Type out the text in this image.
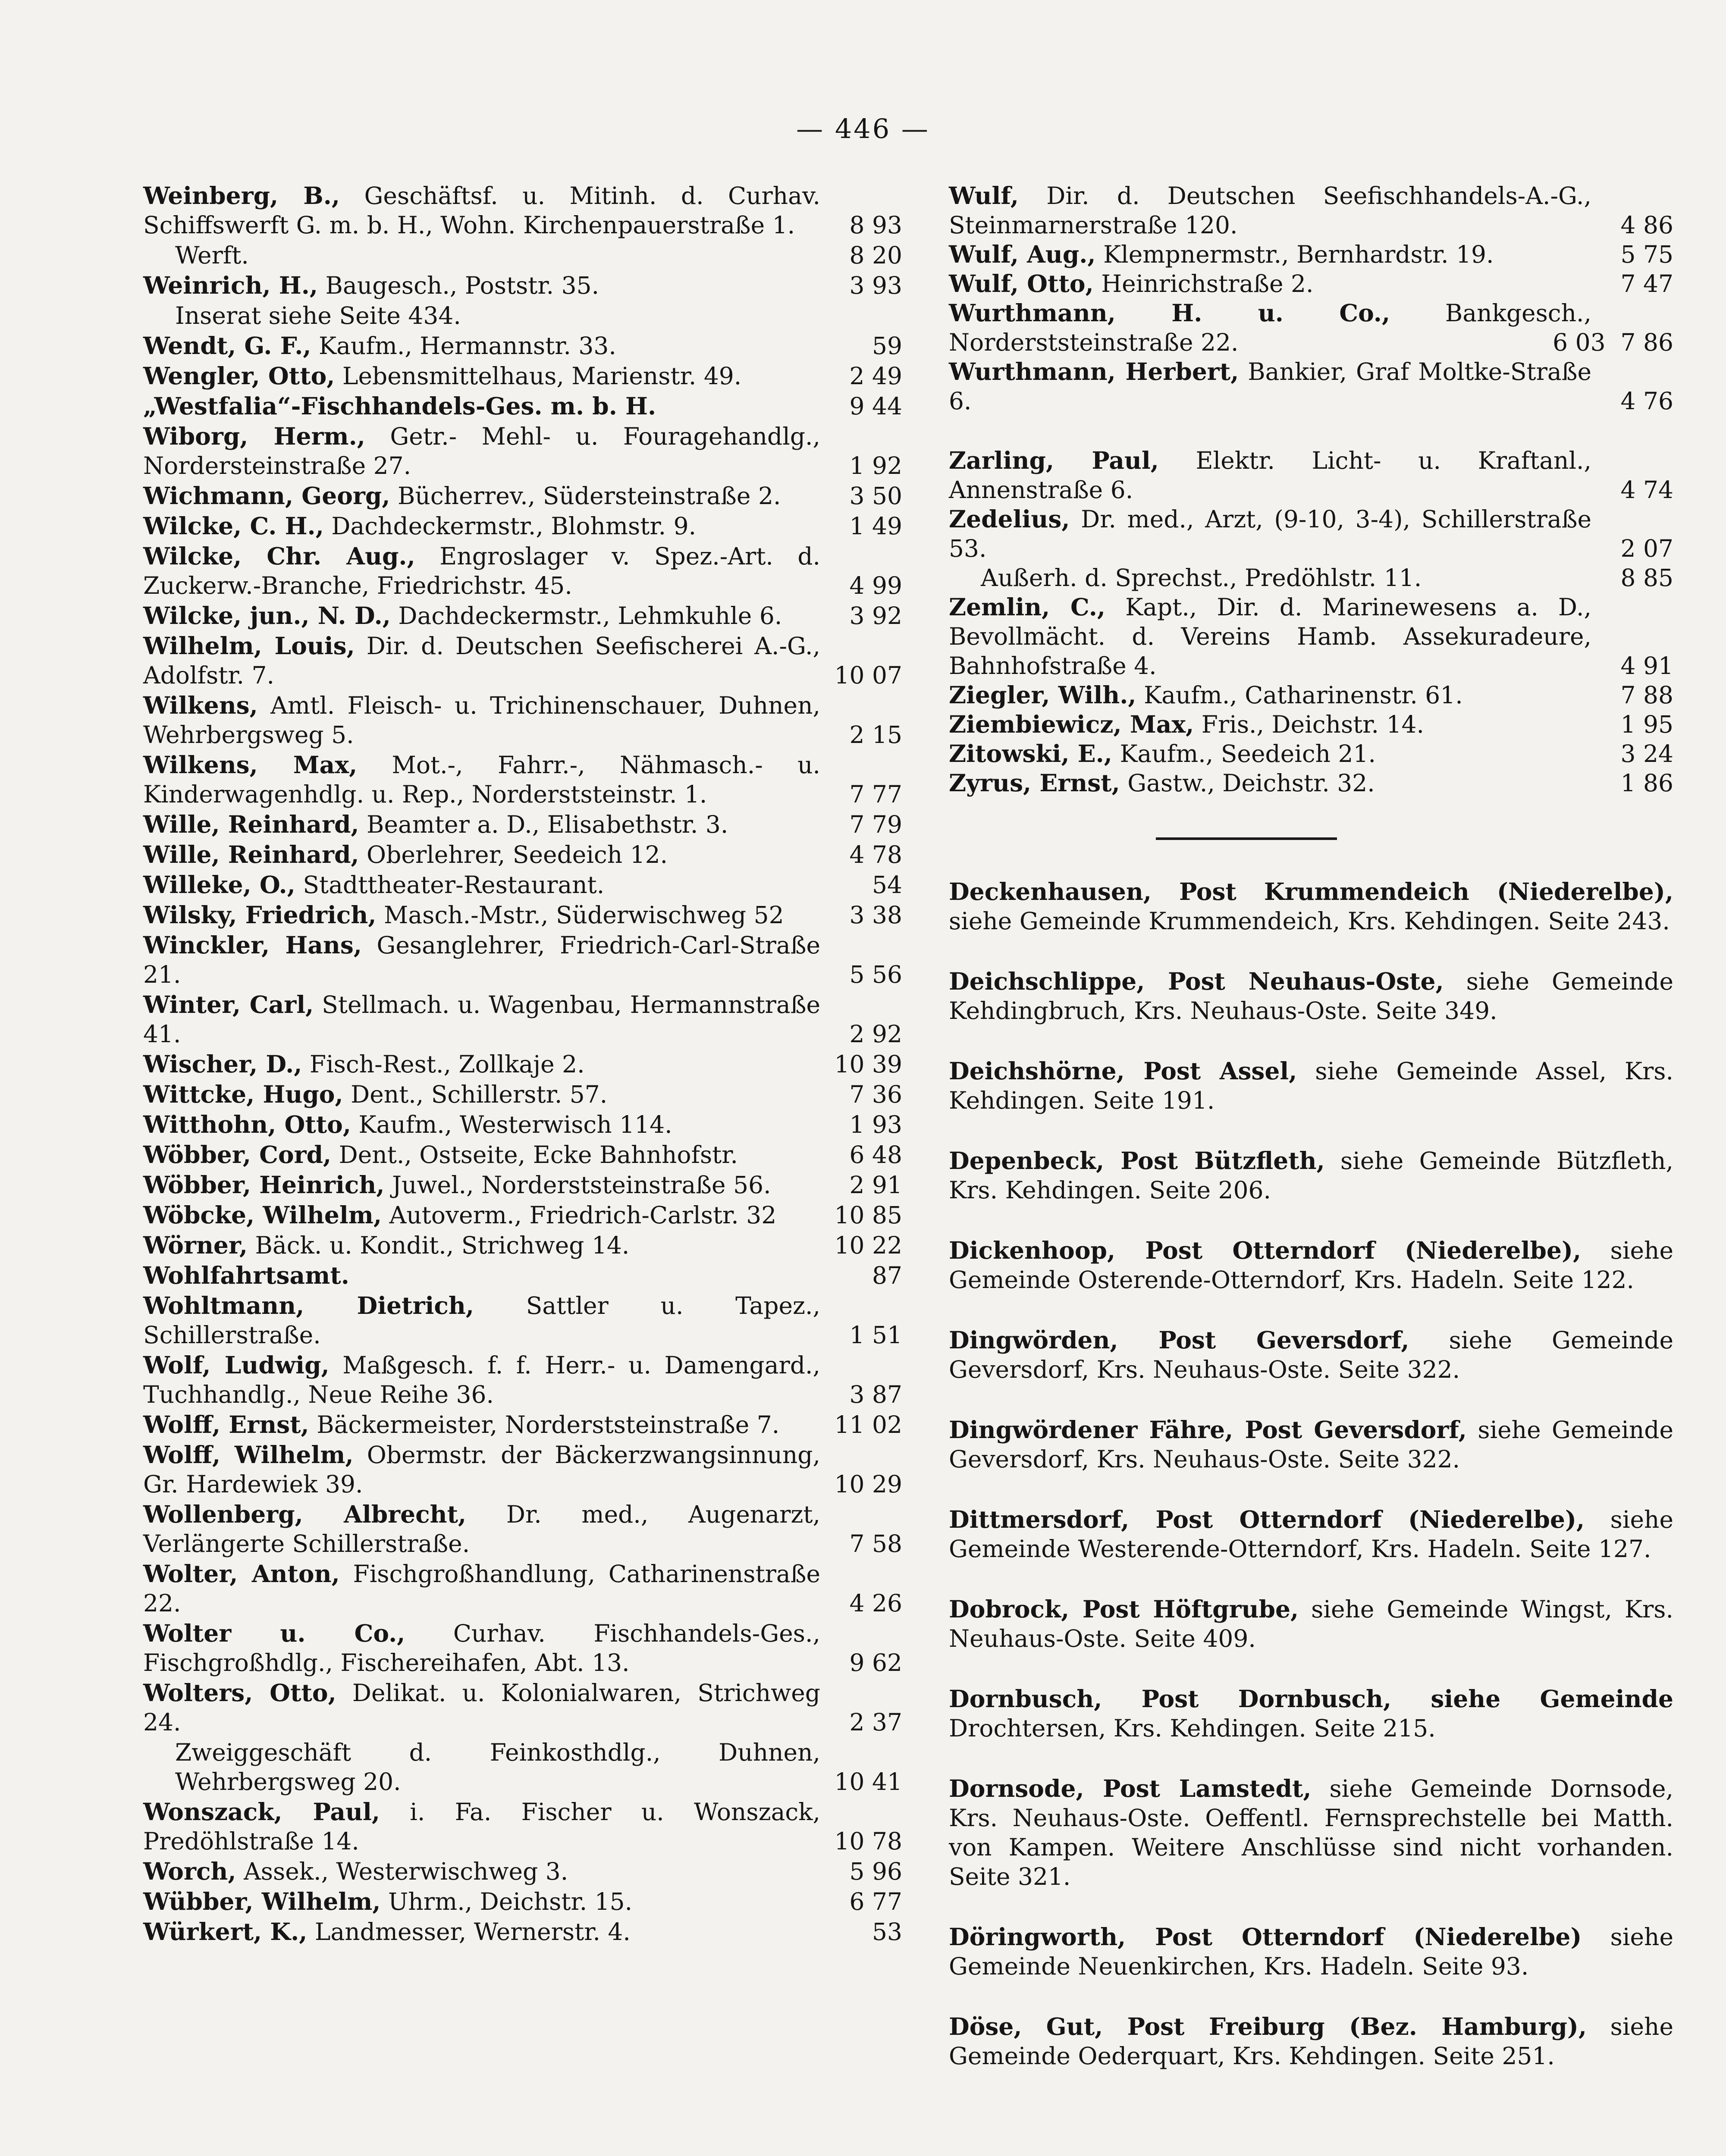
— 446 —
Weinberg, B., Geschäftsf. u. Mitinh. d. Curhav. Schiffswerft G. m. b. H., Wohn. Kirchenpauerstraße 1.	8 93
Werft.	8 20
Weinrich, H., Baugesch., Poststr. 35.	3 93
Inserat siehe Seite 434.
Wendt, G. F., Kaufm., Hermannstr. 33.	59
Wengler, Otto, Lebensmittelhaus, Marienstr. 49.	2 49
„Westfalia“-Fischhandels-Ges. m. b. H.	9 44
Wiborg, Herm., Getr.- Mehl- u. Fouragehandlg., Nordersteinstraße 27.	1 92
Wichmann, Georg, Bücherrev., Südersteinstraße 2.	3 50
Wilcke, C. H., Dachdeckermstr., Blohmstr. 9.	1 49
Wilcke, Chr. Aug., Engroslager v. Spez.-Art. d. Zuckerw.-Branche, Friedrichstr. 45.	4 99
Wilcke, jun., N. D., Dachdeckermstr., Lehmkuhle 6.	3 92
Wilhelm, Louis, Dir. d. Deutschen Seefischerei A.-G., Adolfstr. 7.	10 07
Wilkens, Amtl. Fleisch- u. Trichinenschauer, Duhnen, Wehrbergsweg 5.	2 15
Wilkens, Max, Mot.-, Fahrr.-, Nähmasch.- u. Kinderwagenhdlg. u. Rep., Norderststeinstr. 1.	7 77
Wille, Reinhard, Beamter a. D., Elisabethstr. 3.	7 79
Wille, Reinhard, Oberlehrer, Seedeich 12.	4 78
Willeke, O., Stadttheater-Restaurant.	54
Wilsky, Friedrich, Masch.-Mstr., Süderwischweg 52	3 38
Winckler, Hans, Gesanglehrer, Friedrich-Carl-Straße 21.	5 56
Winter, Carl, Stellmach. u. Wagenbau, Hermannstraße 41.	2 92
Wischer, D., Fisch-Rest., Zollkaje 2.	10 39
Wittcke, Hugo, Dent., Schillerstr. 57.	7 36
Witthohn, Otto, Kaufm., Westerwisch 114.	1 93
Wöbber, Cord, Dent., Ostseite, Ecke Bahnhofstr.	6 48
Wöbber, Heinrich, Juwel., Norderststeinstraße 56.	2 91
Wöbcke, Wilhelm, Autoverm., Friedrich-Carlstr. 32	10 85
Wörner, Bäck. u. Kondit., Strichweg 14.	10 22
Wohlfahrtsamt.	87
Wohltmann, Dietrich, Sattler u. Tapez., Schillerstraße.	1 51
Wolf, Ludwig, Maßgesch. f. f. Herr.- u. Damengard., Tuchhandlg., Neue Reihe 36.	3 87
Wolff, Ernst, Bäckermeister, Norderststeinstraße 7.	11 02
Wolff, Wilhelm, Obermstr. der Bäckerzwangsinnung, Gr. Hardewiek 39.	10 29
Wollenberg, Albrecht, Dr. med., Augenarzt, Verlängerte Schillerstraße.	7 58
Wolter, Anton, Fischgroßhandlung, Catharinenstraße 22.	4 26
Wolter u. Co., Curhav. Fischhandels-Ges., Fischgroßhdlg., Fischereihafen, Abt. 13.	9 62
Wolters, Otto, Delikat. u. Kolonialwaren, Strichweg 24.	2 37
Zweiggeschäft d. Feinkosthdlg., Duhnen, Wehrbergsweg 20.	10 41
Wonszack, Paul, i. Fa. Fischer u. Wonszack, Predöhlstraße 14.	10 78
Worch, Assek., Westerwischweg 3.	5 96
Wübber, Wilhelm, Uhrm., Deichstr. 15.	6 77
Würkert, K., Landmesser, Wernerstr. 4.	53
Wulf, Dir. d. Deutschen Seefischhandels-A.-G., Steinmarnerstraße 120.	4 86
Wulf, Aug., Klempnermstr., Bernhardstr. 19.	5 75
Wulf, Otto, Heinrichstraße 2.	7 47
Wurthmann, H. u. Co., Bankgesch., Norderststeinstraße 22.	6 03  7 86
Wurthmann, Herbert, Bankier, Graf Moltke-Straße 6.	4 76
Zarling, Paul, Elektr. Licht- u. Kraftanl., Annenstraße 6.	4 74
Zedelius, Dr. med., Arzt, (9-10, 3-4), Schillerstraße 53.	2 07
Außerh. d. Sprechst., Predöhlstr. 11.	8 85
Zemlin, C., Kapt., Dir. d. Marinewesens a. D., Bevollmächt. d. Vereins Hamb. Assekuradeure, Bahnhofstraße 4.	4 91
Ziegler, Wilh., Kaufm., Catharinenstr. 61.	7 88
Ziembiewicz, Max, Fris., Deichstr. 14.	1 95
Zitowski, E., Kaufm., Seedeich 21.	3 24
Zyrus, Ernst, Gastw., Deichstr. 32.	1 86
Deckenhausen, Post Krummendeich (Niederelbe), siehe Gemeinde Krummendeich, Krs. Kehdingen. Seite 243.
Deichschlippe, Post Neuhaus-Oste, siehe Gemeinde Kehdingbruch, Krs. Neuhaus-Oste. Seite 349.
Deichshörne, Post Assel, siehe Gemeinde Assel, Krs. Kehdingen. Seite 191.
Depenbeck, Post Bützfleth, siehe Gemeinde Bützfleth, Krs. Kehdingen. Seite 206.
Dickenhoop, Post Otterndorf (Niederelbe), siehe Gemeinde Osterende-Otterndorf, Krs. Hadeln. Seite 122.
Dingwörden, Post Geversdorf, siehe Gemeinde Geversdorf, Krs. Neuhaus-Oste. Seite 322.
Dingwördener Fähre, Post Geversdorf, siehe Gemeinde Geversdorf, Krs. Neuhaus-Oste. Seite 322.
Dittmersdorf, Post Otterndorf (Niederelbe), siehe Gemeinde Westerende-Otterndorf, Krs. Hadeln. Seite 127.
Dobrock, Post Höftgrube, siehe Gemeinde Wingst, Krs. Neuhaus-Oste. Seite 409.
Dornbusch, Post Dornbusch, siehe Gemeinde Drochtersen, Krs. Kehdingen. Seite 215.
Dornsode, Post Lamstedt, siehe Gemeinde Dornsode, Krs. Neuhaus-Oste. Oeffentl. Fernsprechstelle bei Matth. von Kampen. Weitere Anschlüsse sind nicht vorhanden. Seite 321.
Döringworth, Post Otterndorf (Niederelbe) siehe Gemeinde Neuenkirchen, Krs. Hadeln. Seite 93.
Döse, Gut, Post Freiburg (Bez. Hamburg), siehe Gemeinde Oederquart, Krs. Kehdingen. Seite 251.
